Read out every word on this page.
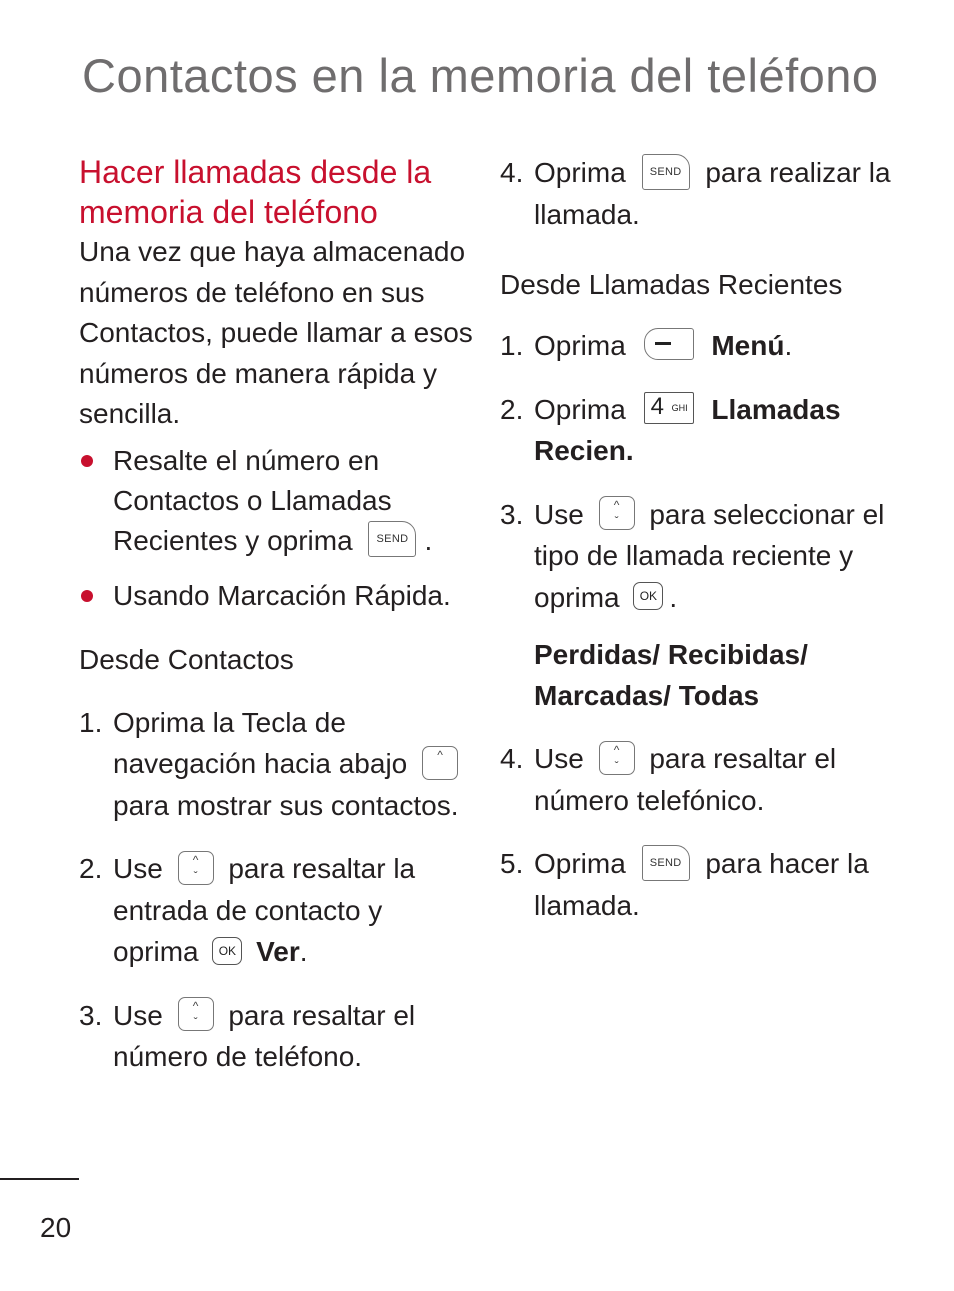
Contactos en la memoria del teléfono
Hacer llamadas desde la
memoria del teléfono

Una vez que haya almacenado números de teléfono en sus Contactos, puede llamar a esos números de manera rápida y sencilla.

Resalte el número en Contactos o Llamadas Recientes y oprima SEND .
Usando Marcación Rápida.

Desde Contactos

1. Oprima la Tecla de navegación hacia abajo	^
para mostrar sus contactos.
2. Use	^
ˇ	para resaltar la entrada de contacto y oprima OK Ver.
3. Use	^
ˇ	para resaltar el número de teléfono.
4. Oprima SEND para realizar la llamada.

Desde Llamadas Recientes

1. Oprima	Menú.
2. Oprima 4 GHI Llamadas Recien.
3. Use	^
ˇ	para seleccionar el tipo de llamada reciente y oprima OK .

Perdidas/ Recibidas/
Marcadas/ Todas

4. Use	^
ˇ	para resaltar el número telefónico.
5. Oprima SEND para hacer la llamada.
20
